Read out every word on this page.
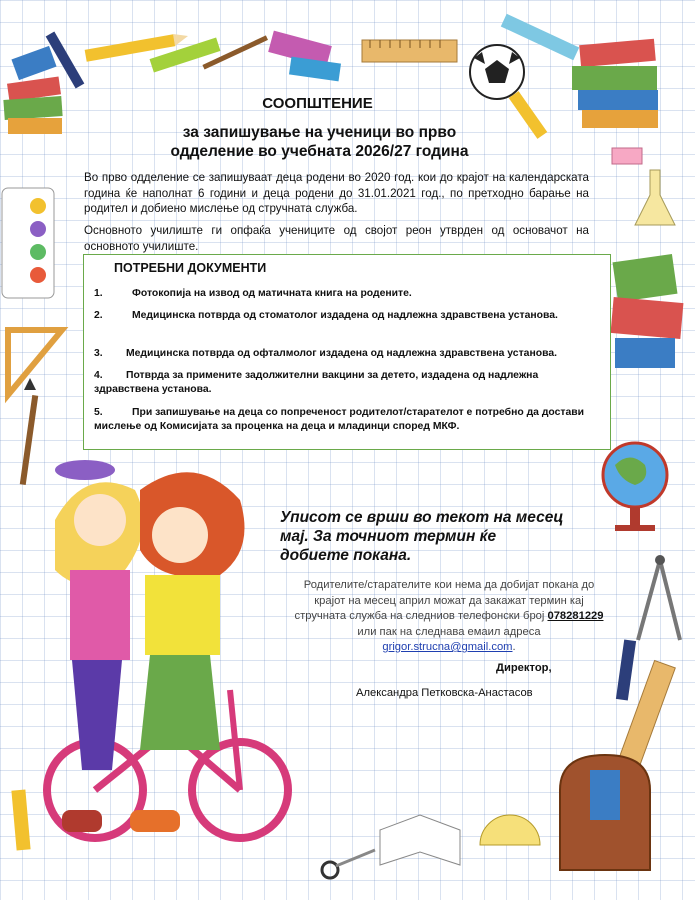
СООПШТЕНИЕ
за запишување на ученици во прво
одделение во учебната 2026/27 година
Во прво одделение се запишуваат деца родени во 2020 год. кои до крајот на календарската година ќе наполнат 6 години и деца родени до 31.01.2021 год., по претходно барање на родител и добиено мислење од стручната служба.
Основното училиште ги опфаќа учениците од својот реон утврден од основачот на основното училиште.
ПОТРЕБНИ ДОКУМЕНТИ
1.	Фотокопија на извод од матичната книга на родените.
2.	Медицинска потврда од стоматолог издадена од надлежна здравствена установа.
3. Медицинска потврда од офталмолог издадена од надлежна здравствена установа.
4. Потврда за примените задолжителни вакцини за детето, издадена од надлежна здравствена установа.
5.	При запишување на деца со попреченост родителот/старателот е потребно да достави мислење од Комисијата за проценка на деца и младинци според МКФ.
Уписот се врши во текот на месец
мај. За точниот термин ќе
добиете покана.
Родителите/старателите кои нема да добијат покана до крајот на месец април можат да закажат термин кај стручната служба на следниов телефонски број 078281229 или пак на следнава емаил адреса grigor.strucna@gmail.com.
Директор,
Александра Петковска-Анастасов
